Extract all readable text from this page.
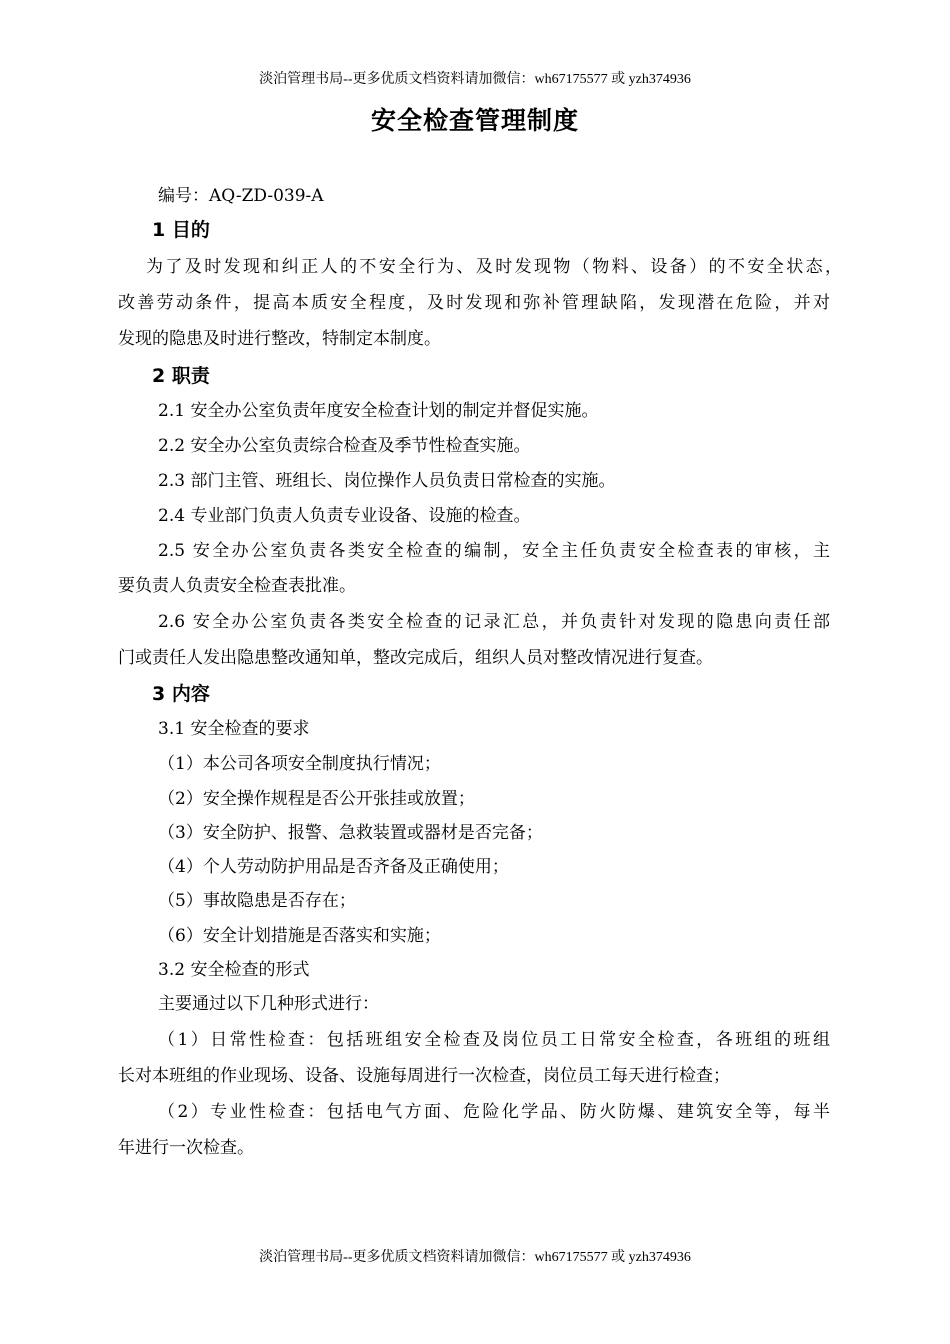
淡泊管理书局--更多优质文档资料请加微信：wh67175577 或 yzh374936
安全检查管理制度
编号：AQ-ZD-039-A
1 目的
为了及时发现和纠正人的不安全行为、及时发现物（物料、设备）的不安全状态，
改善劳动条件，提高本质安全程度，及时发现和弥补管理缺陷，发现潜在危险，并对
发现的隐患及时进行整改，特制定本制度。
2 职责
2.1 安全办公室负责年度安全检查计划的制定并督促实施。
2.2 安全办公室负责综合检查及季节性检查实施。
2.3 部门主管、班组长、岗位操作人员负责日常检查的实施。
2.4 专业部门负责人负责专业设备、设施的检查。
2.5 安全办公室负责各类安全检查的编制，安全主任负责安全检查表的审核，主
要负责人负责安全检查表批准。
2.6 安全办公室负责各类安全检查的记录汇总，并负责针对发现的隐患向责任部
门或责任人发出隐患整改通知单，整改完成后，组织人员对整改情况进行复查。
3 内容
3.1 安全检查的要求
（1）本公司各项安全制度执行情况；
（2）安全操作规程是否公开张挂或放置；
（3）安全防护、报警、急救装置或器材是否完备；
（4）个人劳动防护用品是否齐备及正确使用；
（5）事故隐患是否存在；
（6）安全计划措施是否落实和实施；
3.2 安全检查的形式
主要通过以下几种形式进行：
（1）日常性检查：包括班组安全检查及岗位员工日常安全检查，各班组的班组
长对本班组的作业现场、设备、设施每周进行一次检查，岗位员工每天进行检查；
（2）专业性检查：包括电气方面、危险化学品、防火防爆、建筑安全等，每半
年进行一次检查。
淡泊管理书局--更多优质文档资料请加微信：wh67175577 或 yzh374936
